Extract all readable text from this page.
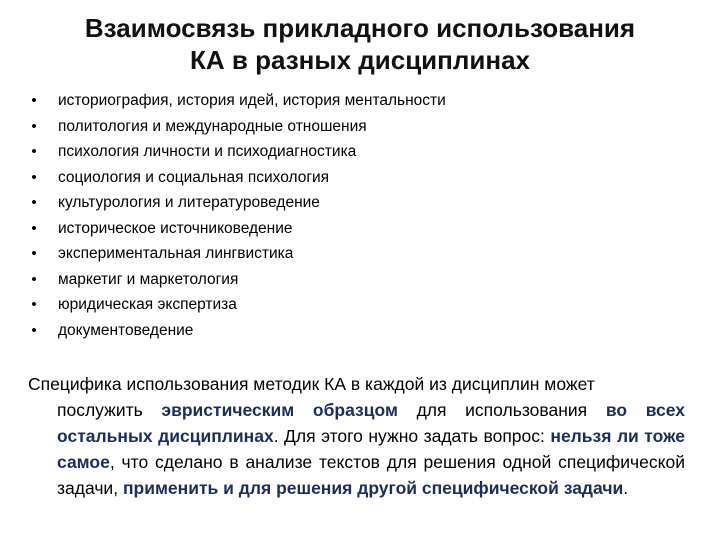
Взаимосвязь прикладного использования
КА в разных дисциплинах
• историография, история идей, история ментальности
• политология и международные отношения
• психология личности и психодиагностика
• социология и социальная психология
• культурология и литературоведение
• историческое источниковедение
• экспериментальная лингвистика
• маркетиг и маркетология
• юридическая экспертиза
• документоведение
Специфика использования методик КА в каждой из дисциплин может
послужить эвристическим образцом для использования во всех остальных дисциплинах. Для этого нужно задать вопрос: нельзя ли тоже самое, что сделано в анализе текстов для решения одной специфической задачи, применить и для решения другой специфической задачи.
